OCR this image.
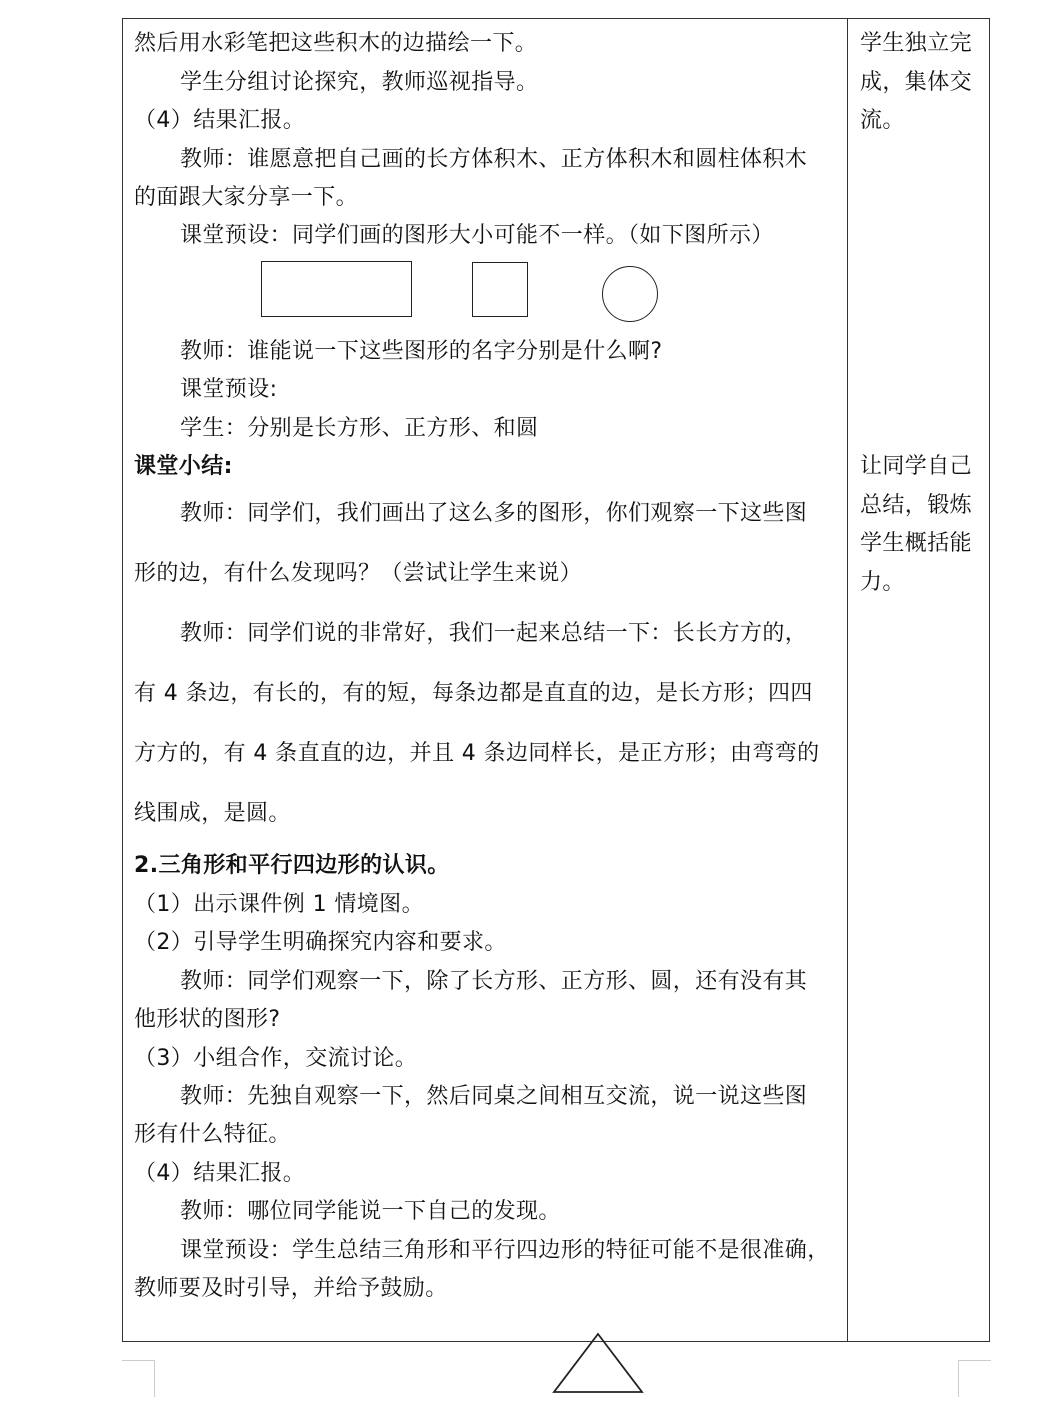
然后用水彩笔把这些积木的边描绘一下。
学生分组讨论探究，教师巡视指导。
（4）结果汇报。
教师：谁愿意把自己画的长方体积木、正方体积木和圆柱体积木
的面跟大家分享一下。
课堂预设：同学们画的图形大小可能不一样。（如下图所示）
教师：谁能说一下这些图形的名字分别是什么啊?
课堂预设:
学生：分别是长方形、正方形、和圆
课堂小结:
教师：同学们，我们画出了这么多的图形，你们观察一下这些图
形的边，有什么发现吗？（尝试让学生来说）
教师：同学们说的非常好，我们一起来总结一下：长长方方的，
有 4 条边，有长的，有的短，每条边都是直直的边，是长方形；四四
方方的，有 4 条直直的边，并且 4 条边同样长，是正方形；由弯弯的
线围成，是圆。
2.三角形和平行四边形的认识。
（1）出示课件例 1 情境图。
（2）引导学生明确探究内容和要求。
教师：同学们观察一下，除了长方形、正方形、圆，还有没有其
他形状的图形?
（3）小组合作，交流讨论。
教师：先独自观察一下，然后同桌之间相互交流，说一说这些图
形有什么特征。
（4）结果汇报。
教师：哪位同学能说一下自己的发现。
课堂预设：学生总结三角形和平行四边形的特征可能不是很准确，
教师要及时引导，并给予鼓励。
学生独立完
成，集体交
流。
让同学自己
总结，锻炼
学生概括能
力。
